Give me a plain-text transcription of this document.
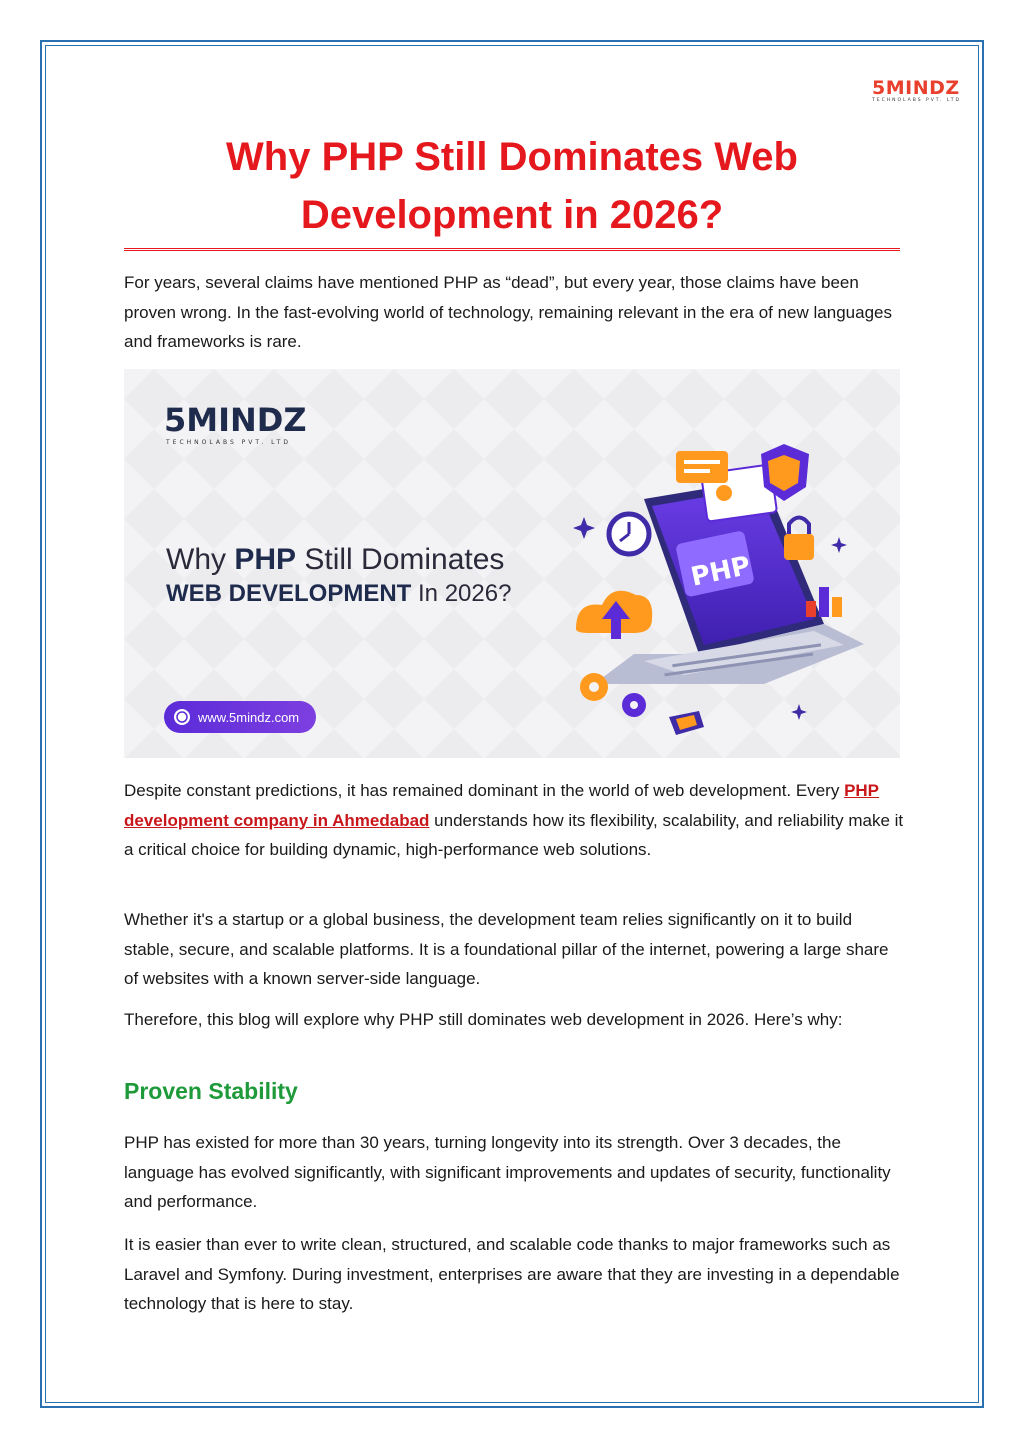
5MINDZ
TECHNOLABS PVT. LTD
Why PHP Still Dominates Web Development in 2026?

For years, several claims have mentioned PHP as “dead”, but every year, those claims have been proven wrong. In the fast-evolving world of technology, remaining relevant in the era of new languages and frameworks is rare.

5MINDZ
TECHNOLABS PVT. LTD
Why PHP Still Dominates
WEB DEVELOPMENT In 2026?
www.5mindz.com
PHP

Despite constant predictions, it has remained dominant in the world of web development. Every PHP development company in Ahmedabad understands how its flexibility, scalability, and reliability make it a critical choice for building dynamic, high-performance web solutions.

Whether it's a startup or a global business, the development team relies significantly on it to build stable, secure, and scalable platforms. It is a foundational pillar of the internet, powering a large share of websites with a known server-side language.

Therefore, this blog will explore why PHP still dominates web development in 2026. Here’s why:

Proven Stability

PHP has existed for more than 30 years, turning longevity into its strength. Over 3 decades, the language has evolved significantly, with significant improvements and updates of security, functionality and performance.

It is easier than ever to write clean, structured, and scalable code thanks to major frameworks such as Laravel and Symfony. During investment, enterprises are aware that they are investing in a dependable technology that is here to stay.
